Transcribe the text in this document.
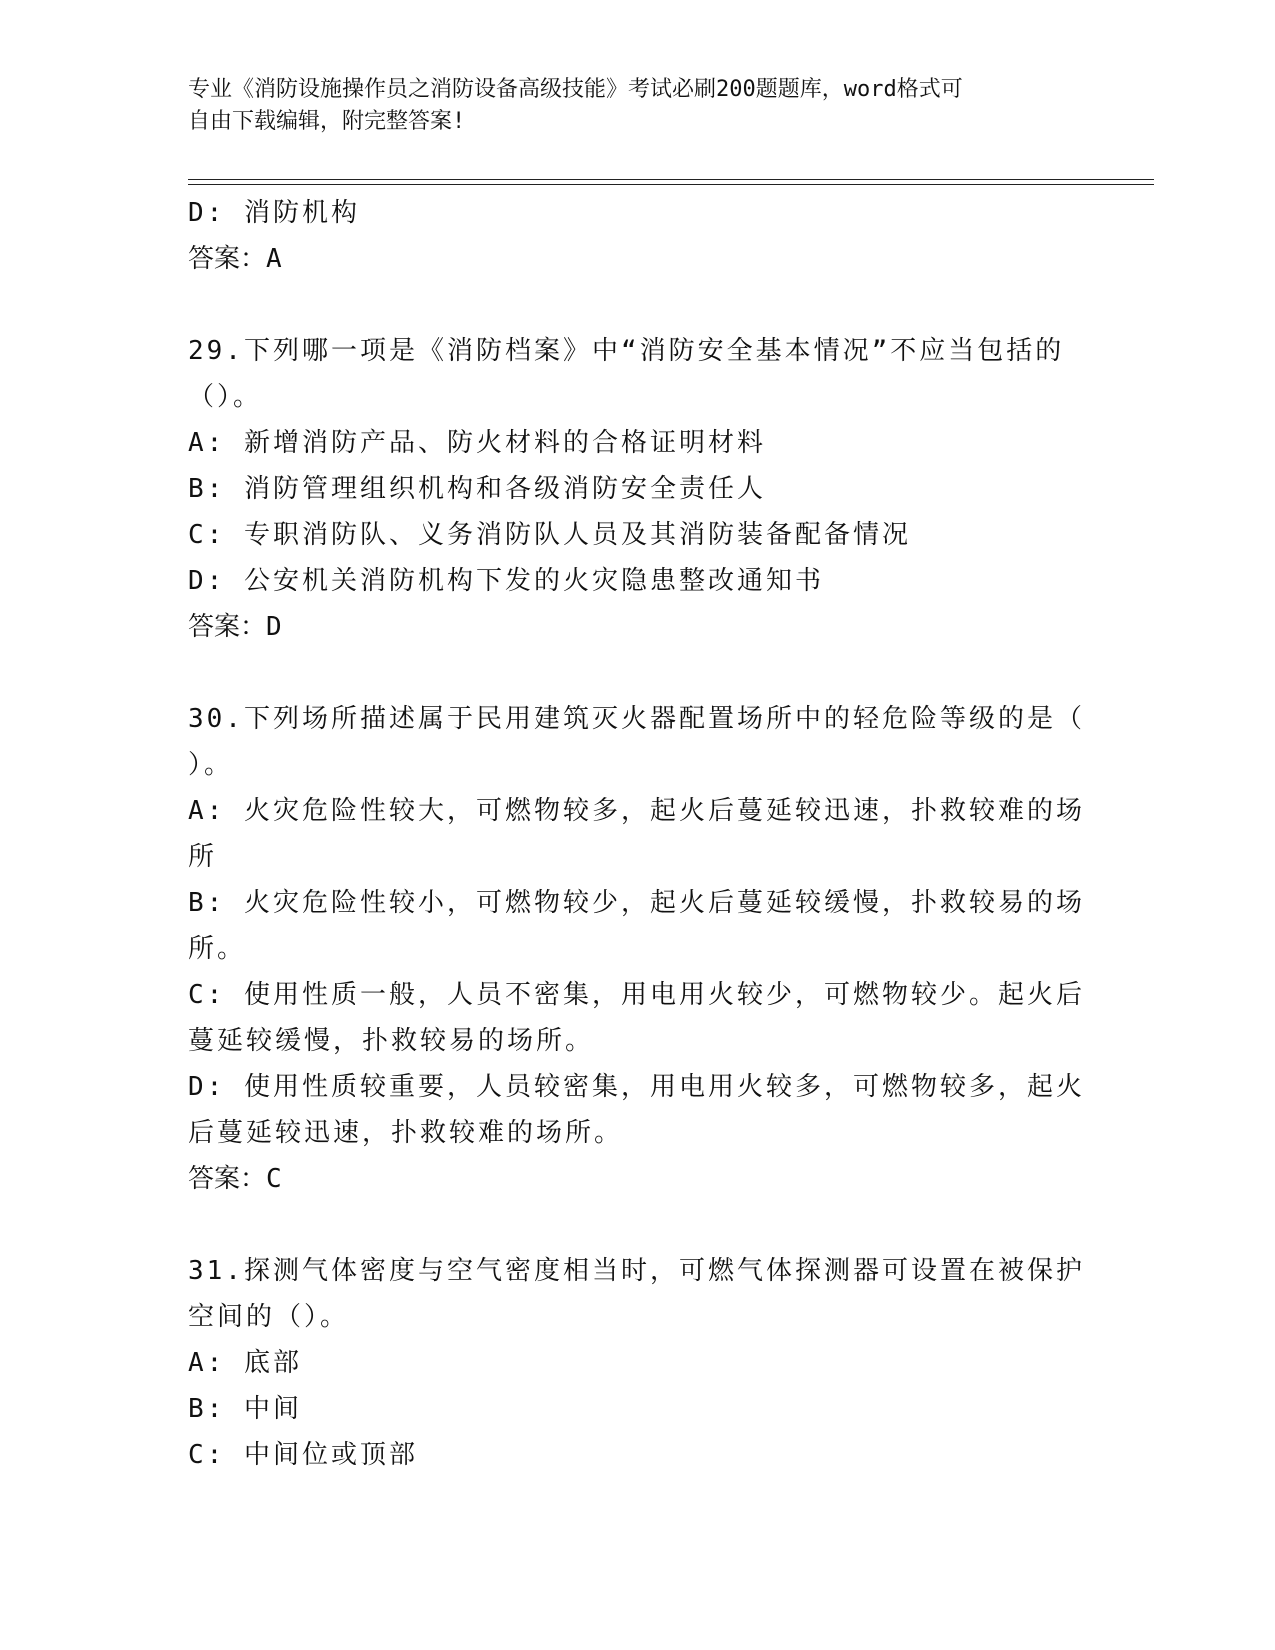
专业《消防设施操作员之消防设备高级技能》考试必刷200题题库，word格式可

自由下载编辑，附完整答案!

D: 消防机构
答案：A
29.下列哪一项是《消防档案》中“消防安全基本情况”不应当包括的
（）。
A: 新增消防产品、防火材料的合格证明材料
B: 消防管理组织机构和各级消防安全责任人
C: 专职消防队、义务消防队人员及其消防装备配备情况
D: 公安机关消防机构下发的火灾隐患整改通知书
答案：D
30.下列场所描述属于民用建筑灭火器配置场所中的轻危险等级的是（
）。
A: 火灾危险性较大，可燃物较多，起火后蔓延较迅速，扑救较难的场
所
B: 火灾危险性较小，可燃物较少，起火后蔓延较缓慢，扑救较易的场
所。
C: 使用性质一般，人员不密集，用电用火较少，可燃物较少。起火后
蔓延较缓慢，扑救较易的场所。
D: 使用性质较重要，人员较密集，用电用火较多，可燃物较多，起火
后蔓延较迅速，扑救较难的场所。
答案：C
31.探测气体密度与空气密度相当时，可燃气体探测器可设置在被保护
空间的（）。
A: 底部
B: 中间
C: 中间位或顶部
